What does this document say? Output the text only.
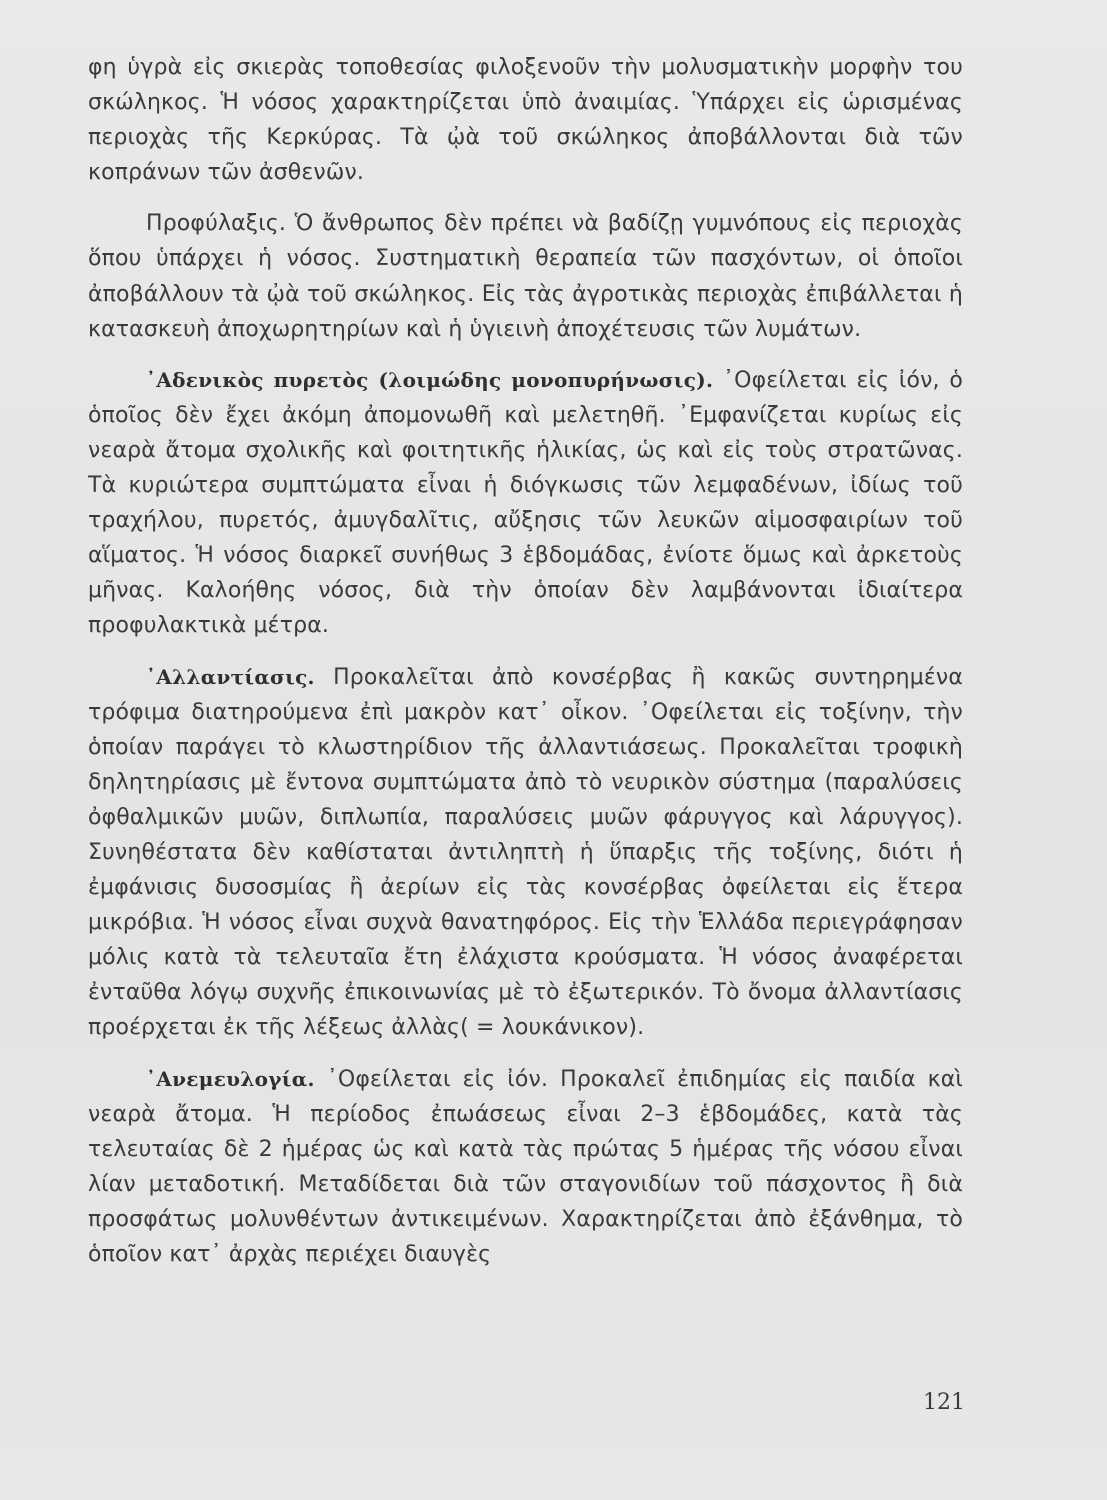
φη ὑγρὰ εἰς σκιερὰς τοποθεσίας φιλοξενοῦν τὴν μολυσματικὴν μορφὴν του σκώληκος. Ἡ νόσος χαρακτηρίζεται ὑπὸ ἀναιμίας. Ὑπάρχει εἰς ὡρισμένας περιοχὰς τῆς Κερκύρας. Τὰ ᾠὰ τοῦ σκώληκος ἀποβάλλονται διὰ τῶν κοπράνων τῶν ἀσθενῶν.

Προφύλαξις. Ὁ ἄνθρωπος δὲν πρέπει νὰ βαδίζῃ γυμνόπους εἰς περιοχὰς ὅπου ὑπάρχει ἡ νόσος. Συστηματικὴ θεραπεία τῶν πασχόντων, οἱ ὁποῖοι ἀποβάλλουν τὰ ᾠὰ τοῦ σκώληκος. Εἰς τὰς ἀγροτικὰς περιοχὰς ἐπιβάλλεται ἡ κατασκευὴ ἀποχωρητηρίων καὶ ἡ ὑγιεινὴ ἀποχέτευσις τῶν λυμάτων.

᾿Αδενικὸς πυρετὸς (λοιμώδης μονοπυρήνωσις). ᾿Οφείλεται εἰς ἰόν, ὁ ὁποῖος δὲν ἔχει ἀκόμη ἀπομονωθῆ καὶ μελετηθῆ. ᾿Εμφανίζεται κυρίως εἰς νεαρὰ ἄτομα σχολικῆς καὶ φοιτητικῆς ἡλικίας, ὡς καὶ εἰς τοὺς στρατῶνας. Τὰ κυριώτερα συμπτώματα εἶναι ἡ διόγκωσις τῶν λεμφαδένων, ἰδίως τοῦ τραχήλου, πυρετός, ἀμυγδαλῖτις, αὔξησις τῶν λευκῶν αἱμοσφαιρίων τοῦ αἵματος. Ἡ νόσος διαρκεῖ συνήθως 3 ἑβδομάδας, ἐνίοτε ὅμως καὶ ἀρκετοὺς μῆνας. Καλοήθης νόσος, διὰ τὴν ὁποίαν δὲν λαμβάνονται ἰδιαίτερα προφυλακτικὰ μέτρα.

᾿Αλλαντίασις. Προκαλεῖται ἀπὸ κονσέρβας ἢ κακῶς συντηρημένα τρόφιμα διατηρούμενα ἐπὶ μακρὸν κατ᾿ οἶκον. ᾿Οφείλεται εἰς τοξίνην, τὴν ὁποίαν παράγει τὸ κλωστηρίδιον τῆς ἀλλαντιάσεως. Προκαλεῖται τροφικὴ δηλητηρίασις μὲ ἔντονα συμπτώματα ἀπὸ τὸ νευρικὸν σύστημα (παραλύσεις ὀφθαλμικῶν μυῶν, διπλωπία, παραλύσεις μυῶν φάρυγγος καὶ λάρυγγος). Συνηθέστατα δὲν καθίσταται ἀντιληπτὴ ἡ ὕπαρξις τῆς τοξίνης, διότι ἡ ἐμφάνισις δυσοσμίας ἢ ἀερίων εἰς τὰς κονσέρβας ὀφείλεται εἰς ἕτερα μικρόβια. Ἡ νόσος εἶναι συχνὰ θανατηφόρος. Εἰς τὴν Ἑλλάδα περιεγράφησαν μόλις κατὰ τὰ τελευταῖα ἔτη ἐλάχιστα κρούσματα. Ἡ νόσος ἀναφέρεται ἐνταῦθα λόγῳ συχνῆς ἐπικοινωνίας μὲ τὸ ἐξωτερικόν. Τὸ ὄνομα ἀλλαντίασις προέρχεται ἐκ τῆς λέξεως ἀλλὰς( = λουκάνικον).

᾿Ανεμευλογία. ᾿Οφείλεται εἰς ἰόν. Προκαλεῖ ἐπιδημίας εἰς παιδία καὶ νεαρὰ ἄτομα. Ἡ περίοδος ἐπωάσεως εἶναι 2–3 ἑβδομάδες, κατὰ τὰς τελευταίας δὲ 2 ἡμέρας ὡς καὶ κατὰ τὰς πρώτας 5 ἡμέρας τῆς νόσου εἶναι λίαν μεταδοτική. Μεταδίδεται διὰ τῶν σταγονιδίων τοῦ πάσχοντος ἢ διὰ προσφάτως μολυνθέντων ἀντικειμένων. Χαρακτηρίζεται ἀπὸ ἐξάνθημα, τὸ ὁποῖον κατ᾿ ἀρχὰς περιέχει διαυγὲς

121
